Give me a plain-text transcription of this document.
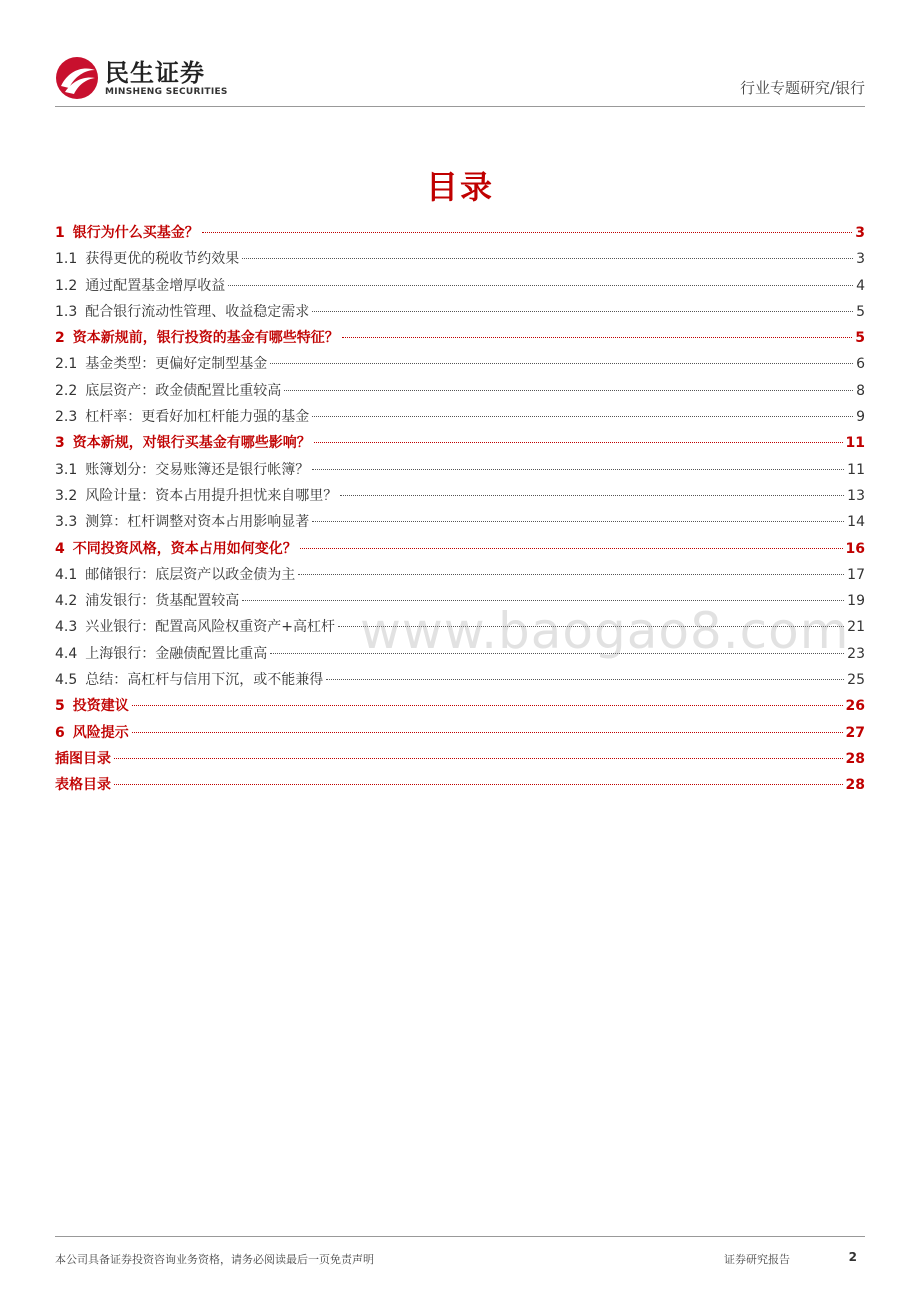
民生证券
MINSHENG SECURITIES	行业专题研究/银行
目录
1 银行为什么买基金？	3
1.1 获得更优的税收节约效果	3
1.2 通过配置基金增厚收益	4
1.3 配合银行流动性管理、收益稳定需求	5
2 资本新规前，银行投资的基金有哪些特征？	5
2.1 基金类型：更偏好定制型基金	6
2.2 底层资产：政金债配置比重较高	8
2.3 杠杆率：更看好加杠杆能力强的基金	9
3 资本新规，对银行买基金有哪些影响？	11
3.1 账簿划分：交易账簿还是银行帐簿？	11
3.2 风险计量：资本占用提升担忧来自哪里？	13
3.3 测算：杠杆调整对资本占用影响显著	14
4 不同投资风格，资本占用如何变化？	16
4.1 邮储银行：底层资产以政金债为主	17
4.2 浦发银行：货基配置较高	19
4.3 兴业银行：配置高风险权重资产+高杠杆	21
4.4 上海银行：金融债配置比重高	23
4.5 总结：高杠杆与信用下沉，或不能兼得	25
5 投资建议	26
6 风险提示	27
插图目录	28
表格目录	28
www.baogao8.com
本公司具备证券投资咨询业务资格，请务必阅读最后一页免责声明	证券研究报告	2
